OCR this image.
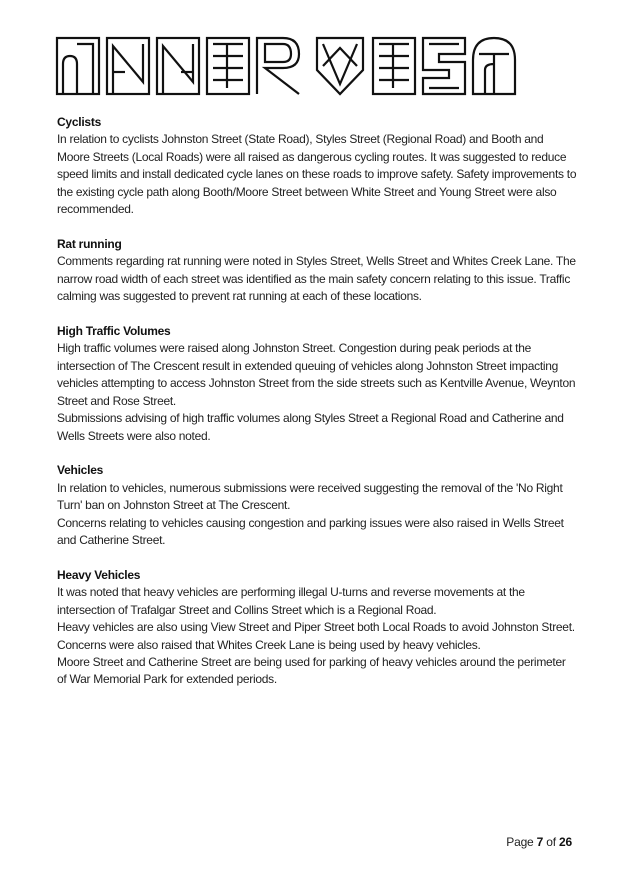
Cyclists

In relation to cyclists Johnston Street (State Road), Styles Street (Regional Road) and Booth and Moore Streets (Local Roads) were all raised as dangerous cycling routes. It was suggested to reduce speed limits and install dedicated cycle lanes on these roads to improve safety. Safety improvements to the existing cycle path along Booth/Moore Street between White Street and Young Street were also recommended.

Rat running

Comments regarding rat running were noted in Styles Street, Wells Street and Whites Creek Lane. The narrow road width of each street was identified as the main safety concern relating to this issue. Traffic calming was suggested to prevent rat running at each of these locations.

High Traffic Volumes

High traffic volumes were raised along Johnston Street. Congestion during peak periods at the intersection of The Crescent result in extended queuing of vehicles along Johnston Street impacting vehicles attempting to access Johnston Street from the side streets such as Kentville Avenue, Weynton Street and Rose Street.

Submissions advising of high traffic volumes along Styles Street a Regional Road and Catherine and Wells Streets were also noted.

Vehicles

In relation to vehicles, numerous submissions were received suggesting the removal of the 'No Right Turn' ban on Johnston Street at The Crescent.

Concerns relating to vehicles causing congestion and parking issues were also raised in Wells Street and Catherine Street.

Heavy Vehicles

It was noted that heavy vehicles are performing illegal U-turns and reverse movements at the intersection of Trafalgar Street and Collins Street which is a Regional Road.

Heavy vehicles are also using View Street and Piper Street both Local Roads to avoid Johnston Street. Concerns were also raised that Whites Creek Lane is being used by heavy vehicles.

Moore Street and Catherine Street are being used for parking of heavy vehicles around the perimeter of War Memorial Park for extended periods.

Page 7 of 26
